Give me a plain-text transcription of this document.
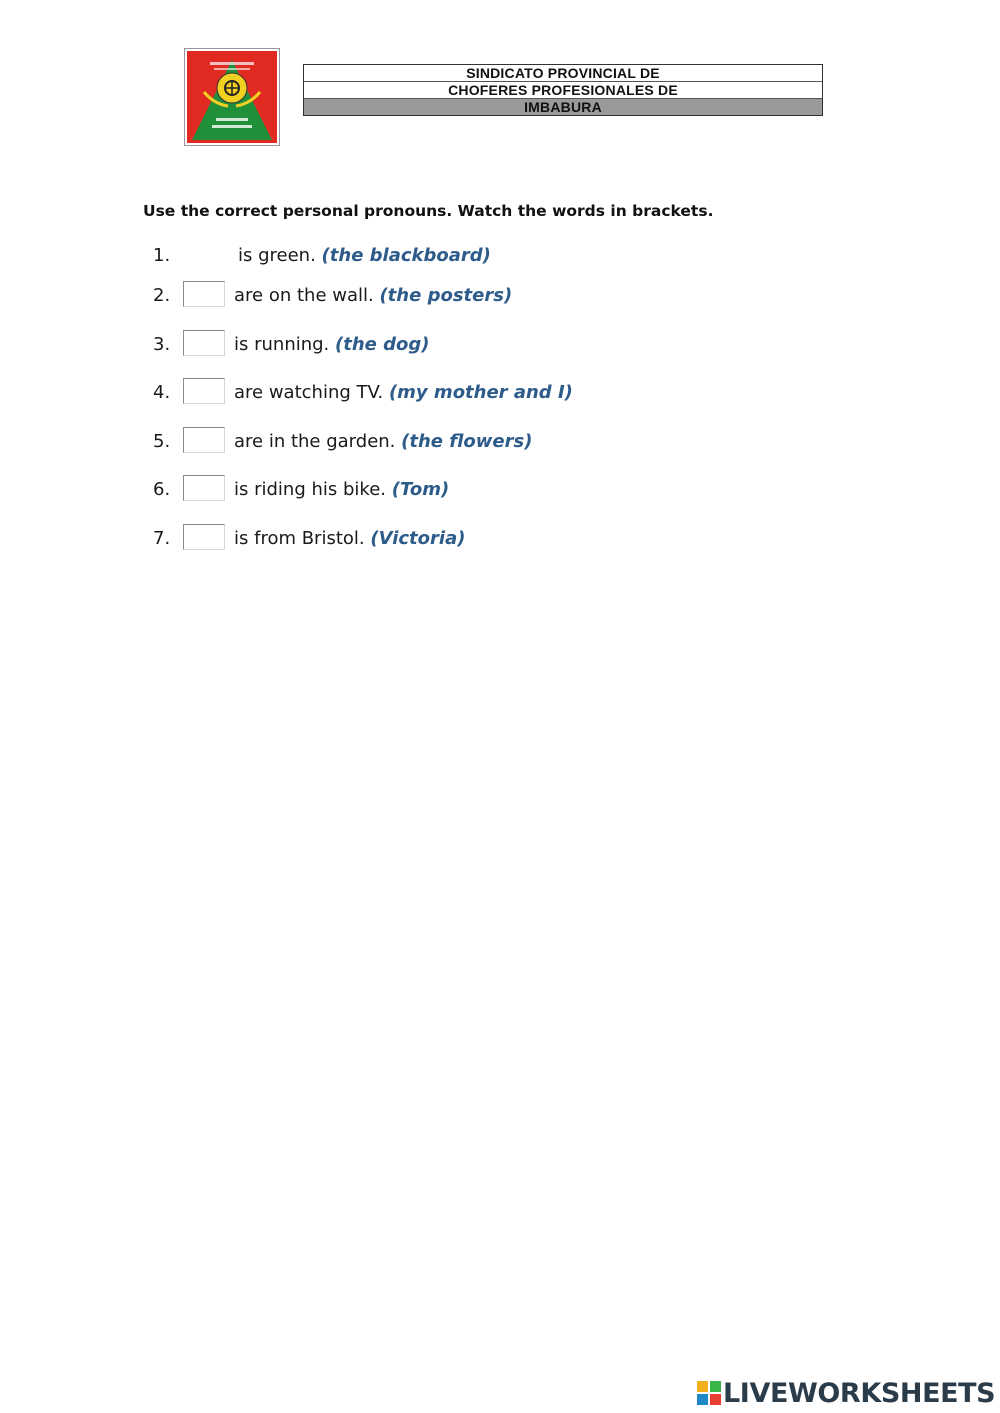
SINDICATO PROVINCIAL DE
CHOFERES PROFESIONALES DE
IMBABURA
Use the correct personal pronouns. Watch the words in brackets.
1.	is green. (the blackboard)
2.	are on the wall. (the posters)
3.	is running. (the dog)
4.	are watching TV. (my mother and I)
5.	are in the garden. (the flowers)
6.	is riding his bike. (Tom)
7.	is from Bristol. (Victoria)
LIVEWORKSHEETS
